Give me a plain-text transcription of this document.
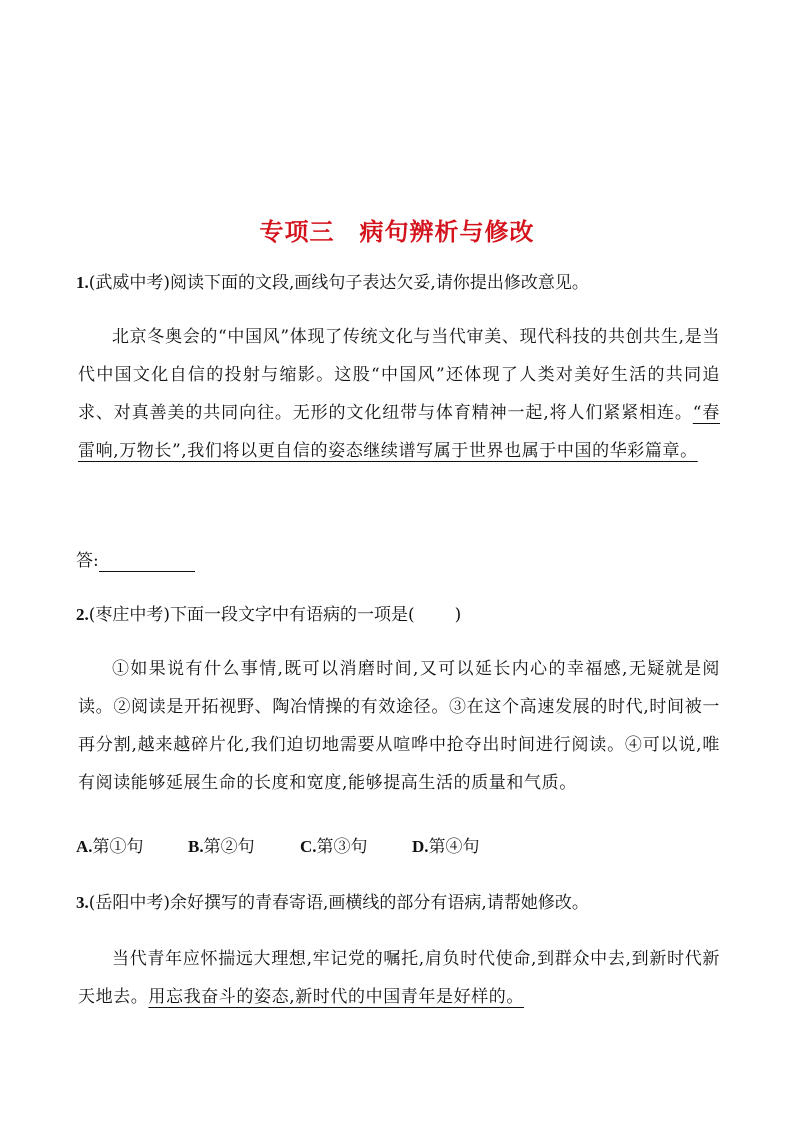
专项三　病句辨析与修改
1.(武威中考)阅读下面的文段,画线句子表达欠妥,请你提出修改意见。
北京冬奥会的“中国风”体现了传统文化与当代审美、现代科技的共创共生,是当代中国文化自信的投射与缩影。这股“中国风”还体现了人类对美好生活的共同追求、对真善美的共同向往。无形的文化纽带与体育精神一起,将人们紧紧相连。“春雷响,万物长”,我们将以更自信的姿态继续谱写属于世界也属于中国的华彩篇章。
答:
2.(枣庄中考)下面一段文字中有语病的一项是( )
①如果说有什么事情,既可以消磨时间,又可以延长内心的幸福感,无疑就是阅读。②阅读是开拓视野、陶冶情操的有效途径。③在这个高速发展的时代,时间被一再分割,越来越碎片化,我们迫切地需要从喧哗中抢夺出时间进行阅读。④可以说,唯有阅读能够延展生命的长度和宽度,能够提高生活的质量和气质。
A.第①句	B.第②句	C.第③句	D.第④句
3.(岳阳中考)余好撰写的青春寄语,画横线的部分有语病,请帮她修改。
当代青年应怀揣远大理想,牢记党的嘱托,肩负时代使命,到群众中去,到新时代新天地去。用忘我奋斗的姿态,新时代的中国青年是好样的。
